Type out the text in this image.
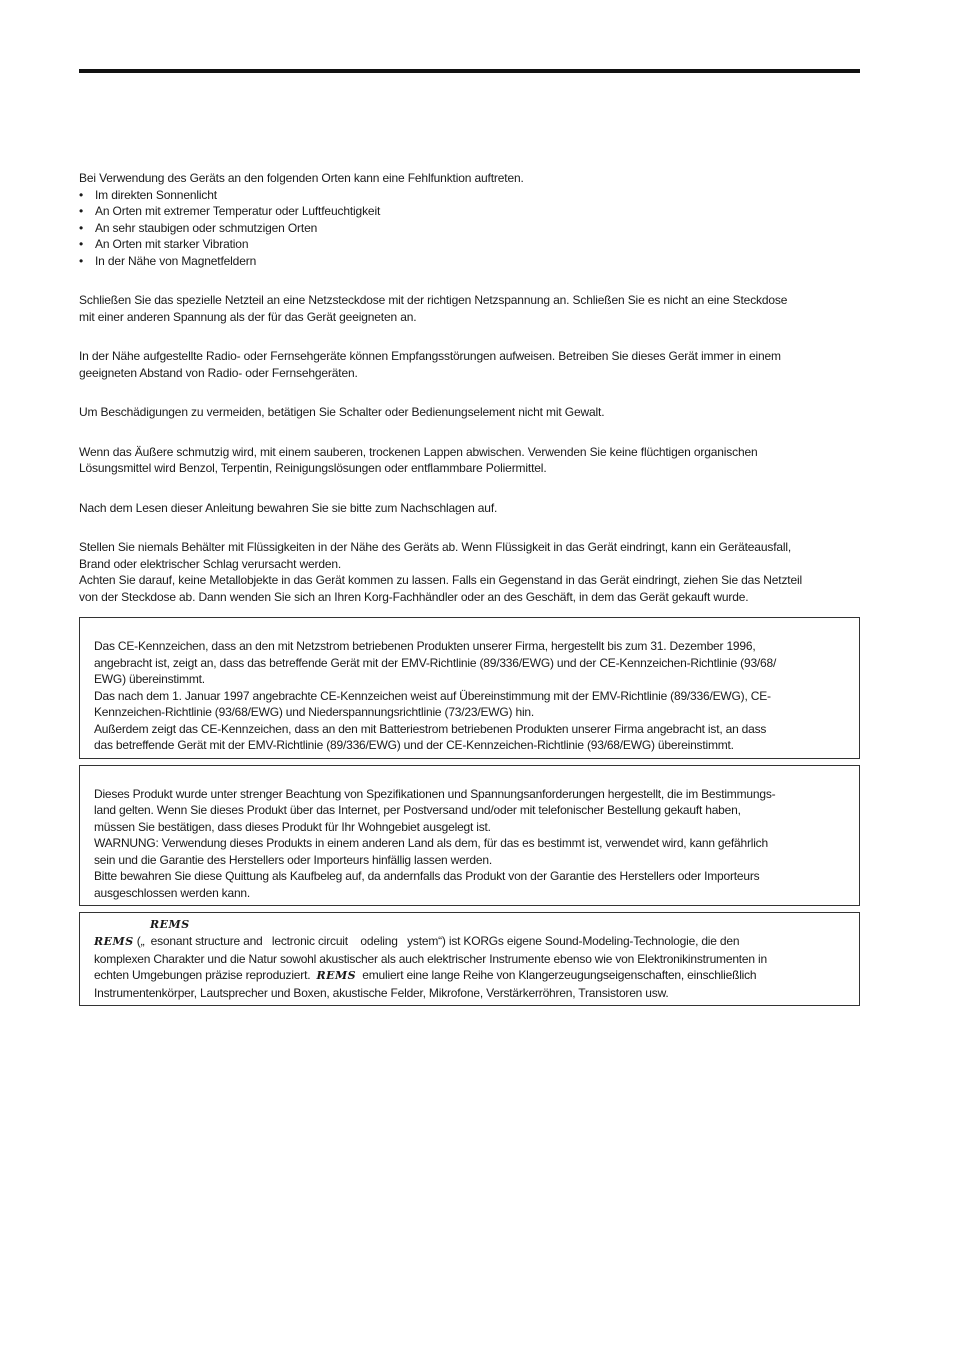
Bei Verwendung des Geräts an den folgenden Orten kann eine Fehlfunktion auftreten.

• Im direkten Sonnenlicht
• An Orten mit extremer Temperatur oder Luftfeuchtigkeit
• An sehr staubigen oder schmutzigen Orten
• An Orten mit starker Vibration
• In der Nähe von Magnetfeldern

Schließen Sie das spezielle Netzteil an eine Netzsteckdose mit der richtigen Netzspannung an. Schließen Sie es nicht an eine Steckdose

mit einer anderen Spannung als der für das Gerät geeigneten an.

In der Nähe aufgestellte Radio- oder Fernsehgeräte können Empfangsstörungen aufweisen. Betreiben Sie dieses Gerät immer in einem

geeigneten Abstand von Radio- oder Fernsehgeräten.

Um Beschädigungen zu vermeiden, betätigen Sie Schalter oder Bedienungselement nicht mit Gewalt.

Wenn das Äußere schmutzig wird, mit einem sauberen, trockenen Lappen abwischen. Verwenden Sie keine flüchtigen organischen

Lösungsmittel wird Benzol, Terpentin, Reinigungslösungen oder entflammbare Poliermittel.

Nach dem Lesen dieser Anleitung bewahren Sie sie bitte zum Nachschlagen auf.

Stellen Sie niemals Behälter mit Flüssigkeiten in der Nähe des Geräts ab. Wenn Flüssigkeit in das Gerät eindringt, kann ein Geräteausfall,

Brand oder elektrischer Schlag verursacht werden.

Achten Sie darauf, keine Metallobjekte in das Gerät kommen zu lassen. Falls ein Gegenstand in das Gerät eindringt, ziehen Sie das Netzteil

von der Steckdose ab. Dann wenden Sie sich an Ihren Korg-Fachhändler oder an des Geschäft, in dem das Gerät gekauft wurde.

Das CE-Kennzeichen, dass an den mit Netzstrom betriebenen Produkten unserer Firma, hergestellt bis zum 31. Dezember 1996,

angebracht ist, zeigt an, dass das betreffende Gerät mit der EMV-Richtlinie (89/336/EWG) und der CE-Kennzeichen-Richtlinie (93/68/

EWG) übereinstimmt.

Das nach dem 1. Januar 1997 angebrachte CE-Kennzeichen weist auf Übereinstimmung mit der EMV-Richtlinie (89/336/EWG), CE-

Kennzeichen-Richtlinie (93/68/EWG) und Niederspannungsrichtlinie (73/23/EWG) hin.

Außerdem zeigt das CE-Kennzeichen, dass an den mit Batteriestrom betriebenen Produkten unserer Firma angebracht ist, an dass

das betreffende Gerät mit der EMV-Richtlinie (89/336/EWG) und der CE-Kennzeichen-Richtlinie (93/68/EWG) übereinstimmt.

Dieses Produkt wurde unter strenger Beachtung von Spezifikationen und Spannungsanforderungen hergestellt, die im Bestimmungs-

land gelten. Wenn Sie dieses Produkt über das Internet, per Postversand und/oder mit telefonischer Bestellung gekauft haben,

müssen Sie bestätigen, dass dieses Produkt für Ihr Wohngebiet ausgelegt ist.

WARNUNG: Verwendung dieses Produkts in einem anderen Land als dem, für das es bestimmt ist, verwendet wird, kann gefährlich

sein und die Garantie des Herstellers oder Importeurs hinfällig lassen werden.

Bitte bewahren Sie diese Quittung als Kaufbeleg auf, da andernfalls das Produkt von der Garantie des Herstellers oder Importeurs

ausgeschlossen werden kann.

REMS

REMS („  esonant structure and   lectronic circuit    odeling   ystem“) ist KORGs eigene Sound-Modeling-Technologie, die den

komplexen Charakter und die Natur sowohl akustischer als auch elektrischer Instrumente ebenso wie von Elektronikinstrumenten in

echten Umgebungen präzise reproduziert. REMS emuliert eine lange Reihe von Klangerzeugungseigenschaften, einschließlich

Instrumentenkörper, Lautsprecher und Boxen, akustische Felder, Mikrofone, Verstärkerröhren, Transistoren usw.
